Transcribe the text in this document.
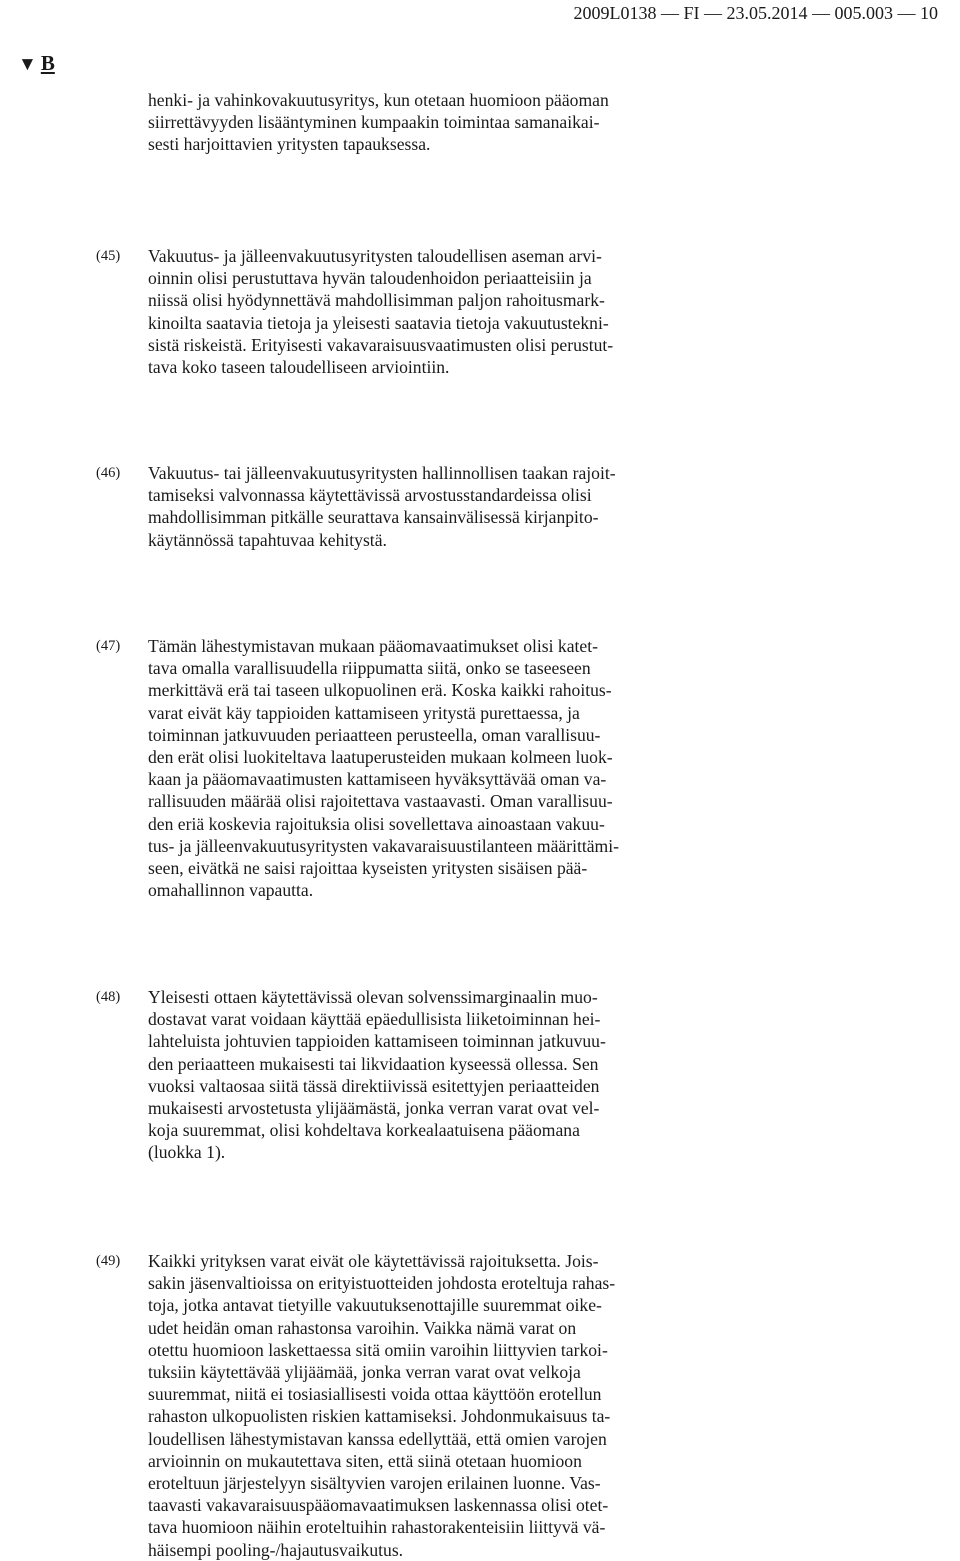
2009L0138 — FI — 23.05.2014 — 005.003 — 10
▼ B
henki- ja vahinkovakuutusyritys, kun otetaan huomioon pääoman
siirrettävyyden lisääntyminen kumpaakin toimintaa samanaikai-
sesti harjoittavien yritysten tapauksessa.
(45) Vakuutus- ja jälleenvakuutusyritysten taloudellisen aseman arvi-
oinnin olisi perustuttava hyvän taloudenhoidon periaatteisiin ja
niissä olisi hyödynnettävä mahdollisimman paljon rahoitusmark-
kinoilta saatavia tietoja ja yleisesti saatavia tietoja vakuutustekni-
sistä riskeistä. Erityisesti vakavaraisuusvaatimusten olisi perustut-
tava koko taseen taloudelliseen arviointiin.
(46) Vakuutus- tai jälleenvakuutusyritysten hallinnollisen taakan rajoit-
tamiseksi valvonnassa käytettävissä arvostusstandardeissa olisi
mahdollisimman pitkälle seurattava kansainvälisessä kirjanpito-
käytännössä tapahtuvaa kehitystä.
(47) Tämän lähestymistavan mukaan pääomavaatimukset olisi katet-
tava omalla varallisuudella riippumatta siitä, onko se taseeseen
merkittävä erä tai taseen ulkopuolinen erä. Koska kaikki rahoitus-
varat eivät käy tappioiden kattamiseen yritystä purettaessa, ja
toiminnan jatkuvuuden periaatteen perusteella, oman varallisuu-
den erät olisi luokiteltava laatuperusteiden mukaan kolmeen luok-
kaan ja pääomavaatimusten kattamiseen hyväksyttävää oman va-
rallisuuden määrää olisi rajoitettava vastaavasti. Oman varallisuu-
den eriä koskevia rajoituksia olisi sovellettava ainoastaan vakuu-
tus- ja jälleenvakuutusyritysten vakavaraisuustilanteen määrittämi-
seen, eivätkä ne saisi rajoittaa kyseisten yritysten sisäisen pää-
omahallinnon vapautta.
(48) Yleisesti ottaen käytettävissä olevan solvenssimarginaalin muo-
dostavat varat voidaan käyttää epäedullisista liiketoiminnan hei-
lahteluista johtuvien tappioiden kattamiseen toiminnan jatkuvuu-
den periaatteen mukaisesti tai likvidaation kyseessä ollessa. Sen
vuoksi valtaosaa siitä tässä direktiivissä esitettyjen periaatteiden
mukaisesti arvostetusta ylijäämästä, jonka verran varat ovat vel-
koja suuremmat, olisi kohdeltava korkealaatuisena pääomana
(luokka 1).
(49) Kaikki yrityksen varat eivät ole käytettävissä rajoituksetta. Jois-
sakin jäsenvaltioissa on erityistuotteiden johdosta eroteltuja rahas-
toja, jotka antavat tietyille vakuutuksenottajille suuremmat oike-
udet heidän oman rahastonsa varoihin. Vaikka nämä varat on
otettu huomioon laskettaessa sitä omiin varoihin liittyvien tarkoi-
tuksiin käytettävää ylijäämää, jonka verran varat ovat velkoja
suuremmat, niitä ei tosiasiallisesti voida ottaa käyttöön erotellun
rahaston ulkopuolisten riskien kattamiseksi. Johdonmukaisuus ta-
loudellisen lähestymistavan kanssa edellyttää, että omien varojen
arvioinnin on mukautettava siten, että siinä otetaan huomioon
eroteltuun järjestelyyn sisältyvien varojen erilainen luonne. Vas-
taavasti vakavaraisuuspääomavaatimuksen laskennassa olisi otet-
tava huomioon näihin eroteltuihin rahastorakenteisiin liittyvä vä-
häisempi pooling-/hajautusvaikutus.
